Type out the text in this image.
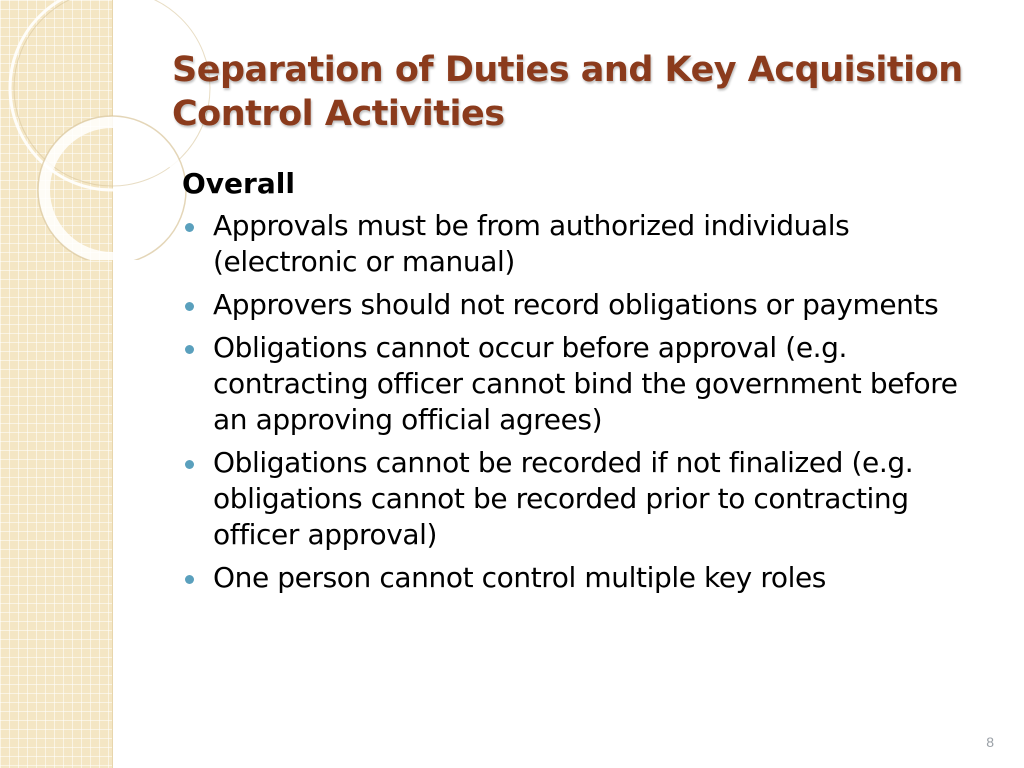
Separation of Duties and Key Acquisition
Control Activities

Overall

Approvals must be from authorized individuals (electronic or manual)
Approvers should not record obligations or payments
Obligations cannot occur before approval (e.g. contracting officer cannot bind the government before an approving official agrees)
Obligations cannot be recorded if not finalized (e.g. obligations cannot be recorded prior to contracting officer approval)
One person cannot control multiple key roles
8
